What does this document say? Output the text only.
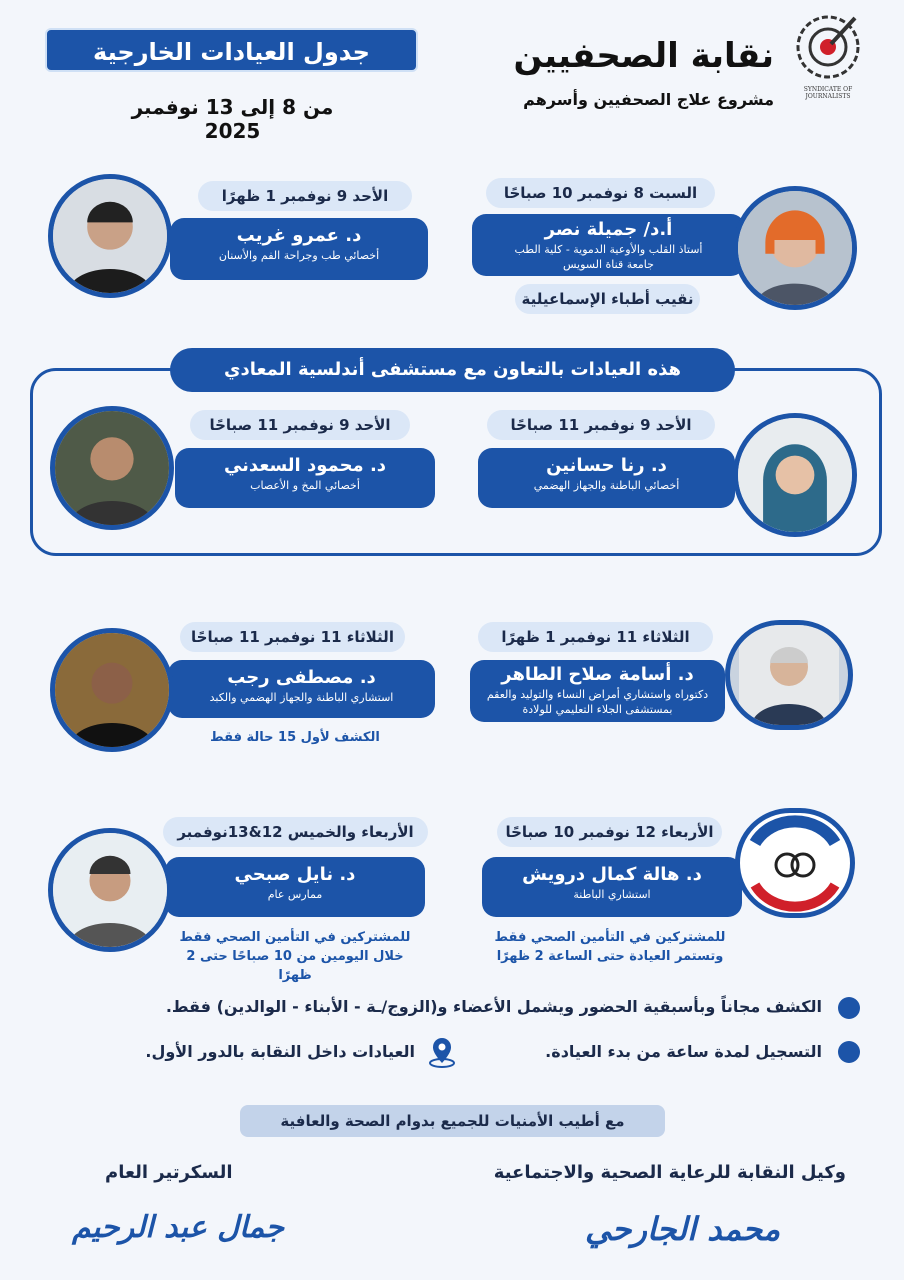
SYNDICATE OF JOURNALISTS
نقابة الصحفيين
مشروع علاج الصحفيين وأسرهم
جدول العيادات الخارجية
من 8 إلى 13 نوفمبر 2025
هذه العيادات بالتعاون مع مستشفى أندلسية المعادي
السبت 8 نوفمبر 10 صباحًا
أ.د/ جميلة نصر
أستاذ القلب والأوعية الدموية - كلية الطب جامعة قناة السويس
نقيب أطباء الإسماعيلية
الأحد 9 نوفمبر 1 ظهرًا
د. عمرو غريب
أخصائي طب وجراحة الفم والأسنان
الأحد 9 نوفمبر 11 صباحًا
د. رنا حسانين
أخصائي الباطنة والجهاز الهضمي
الأحد 9 نوفمبر 11 صباحًا
د. محمود السعدني
أخصائي المخ و الأعصاب
الثلاثاء 11 نوفمبر 1 ظهرًا
د. أسامة صلاح الطاهر
دكتوراه واستشاري أمراض النساء والتوليد والعقم بمستشفى الجلاء التعليمي للولادة
الثلاثاء 11 نوفمبر 11 صباحًا
د. مصطفى رجب
استشاري الباطنة والجهاز الهضمي والكبد
الكشف لأول 15 حالة فقط
الأربعاء 12 نوفمبر 10 صباحًا
د. هالة كمال درويش
استشاري الباطنة
للمشتركين في التأمين الصحي فقط وتستمر العيادة حتى الساعة 2 ظهرًا
الأربعاء والخميس 12&13نوفمبر
د. نايل صبحي
ممارس عام
للمشتركين في التأمين الصحي فقط خلال اليومين من 10 صباحًا حتى 2 ظهرًا
الكشف مجاناً وبأسبقية الحضور ويشمل الأعضاء و(الزوج/ـة - الأبناء - الوالدين) فقط.
التسجيل لمدة ساعة من بدء العيادة.
العيادات داخل النقابة بالدور الأول.
مع أطيب الأمنيات للجميع بدوام الصحة والعافية
وكيل النقابة للرعاية الصحية والاجتماعية
محمد الجارحي
السكرتير العام
جمال عبد الرحيم
